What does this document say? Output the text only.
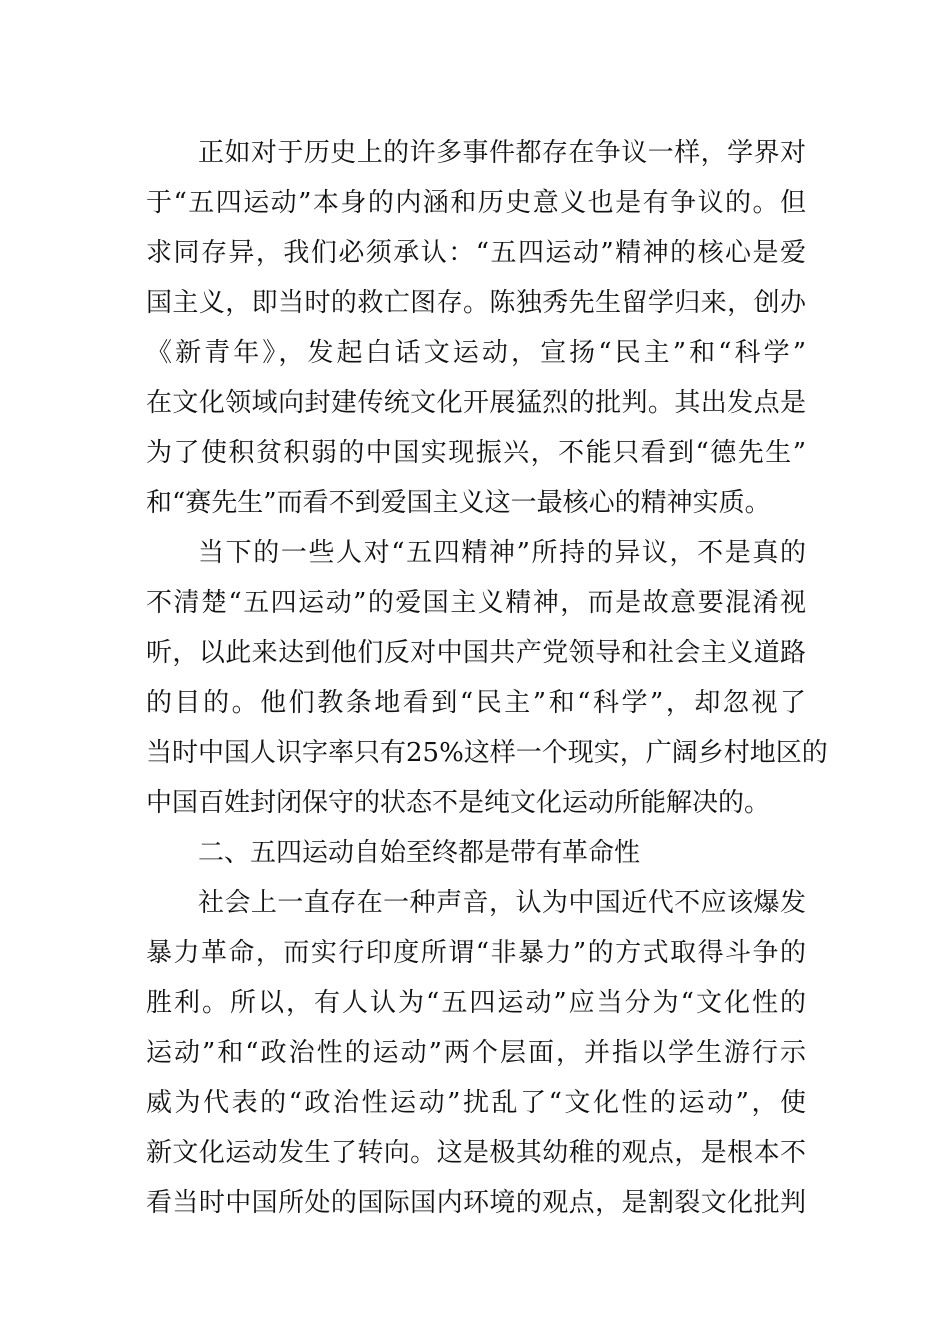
正如对于历史上的许多事件都存在争议一样，学界对
于“五四运动”本身的内涵和历史意义也是有争议的。但
求同存异，我们必须承认：“五四运动”精神的核心是爱
国主义，即当时的救亡图存。陈独秀先生留学归来，创办
《新青年》，发起白话文运动，宣扬“民主”和“科学”
在文化领域向封建传统文化开展猛烈的批判。其出发点是
为了使积贫积弱的中国实现振兴，不能只看到“德先生”
和“赛先生”而看不到爱国主义这一最核心的精神实质。
当下的一些人对“五四精神”所持的异议，不是真的
不清楚“五四运动”的爱国主义精神，而是故意要混淆视
听，以此来达到他们反对中国共产党领导和社会主义道路
的目的。他们教条地看到“民主”和“科学”，却忽视了
当时中国人识字率只有25%这样一个现实，广阔乡村地区的
中国百姓封闭保守的状态不是纯文化运动所能解决的。
二、五四运动自始至终都是带有革命性
社会上一直存在一种声音，认为中国近代不应该爆发
暴力革命，而实行印度所谓“非暴力”的方式取得斗争的
胜利。所以，有人认为“五四运动”应当分为“文化性的
运动”和“政治性的运动”两个层面，并指以学生游行示
威为代表的“政治性运动”扰乱了“文化性的运动”，使
新文化运动发生了转向。这是极其幼稚的观点，是根本不
看当时中国所处的国际国内环境的观点，是割裂文化批判
